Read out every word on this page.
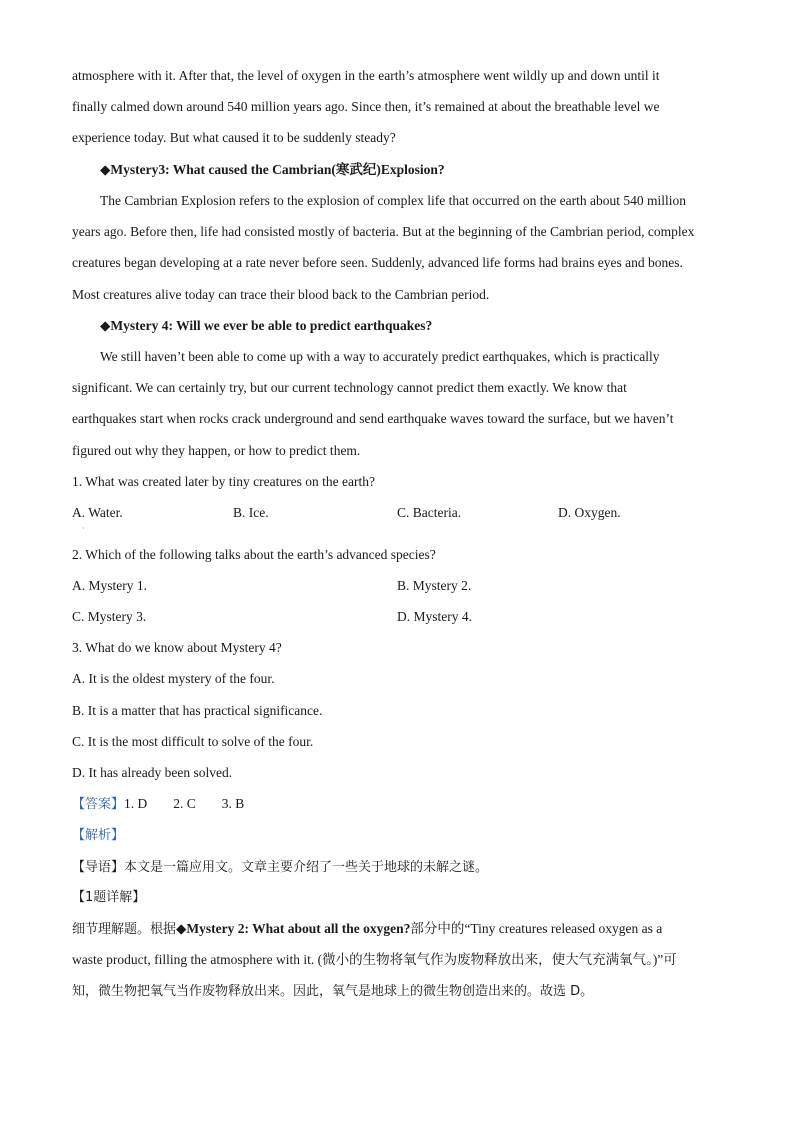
atmosphere with it. After that, the level of oxygen in the earth’s atmosphere went wildly up and down until it
finally calmed down around 540 million years ago. Since then, it’s remained at about the breathable level we
experience today. But what caused it to be suddenly steady?
◆Mystery3: What caused the Cambrian(寒武纪)Explosion?
The Cambrian Explosion refers to the explosion of complex life that occurred on the earth about 540 million
years ago. Before then, life had consisted mostly of bacteria. But at the beginning of the Cambrian period, complex
creatures began developing at a rate never before seen. Suddenly, advanced life forms had brains eyes and bones.
Most creatures alive today can trace their blood back to the Cambrian period.
◆Mystery 4: Will we ever be able to predict earthquakes?
We still haven’t been able to come up with a way to accurately predict earthquakes, which is practically
significant. We can certainly try, but our current technology cannot predict them exactly. We know that
earthquakes start when rocks crack underground and send earthquake waves toward the surface, but we haven’t
figured out why they happen, or how to predict them.
1. What was created later by tiny creatures on the earth?
A. Water.	B. Ice.	C. Bacteria.	D. Oxygen.
·
2. Which of the following talks about the earth’s advanced species?
A. Mystery 1.	B. Mystery 2.
C. Mystery 3.	D. Mystery 4.
3. What do we know about Mystery 4?
A. It is the oldest mystery of the four.
B. It is a matter that has practical significance.
C. It is the most difficult to solve of the four.
D. It has already been solved.
【答案】1. D 2. C 3. B
【解析】
【导语】本文是一篇应用文。文章主要介绍了一些关于地球的未解之谜。
【1题详解】
细节理解题。根据◆Mystery 2: What about all the oxygen?部分中的“Tiny creatures released oxygen as a
waste product, filling the atmosphere with it. (微小的生物将氧气作为废物释放出来，使大气充满氧气。)”可
知，微生物把氧气当作废物释放出来。因此，氧气是地球上的微生物创造出来的。故选 D。
